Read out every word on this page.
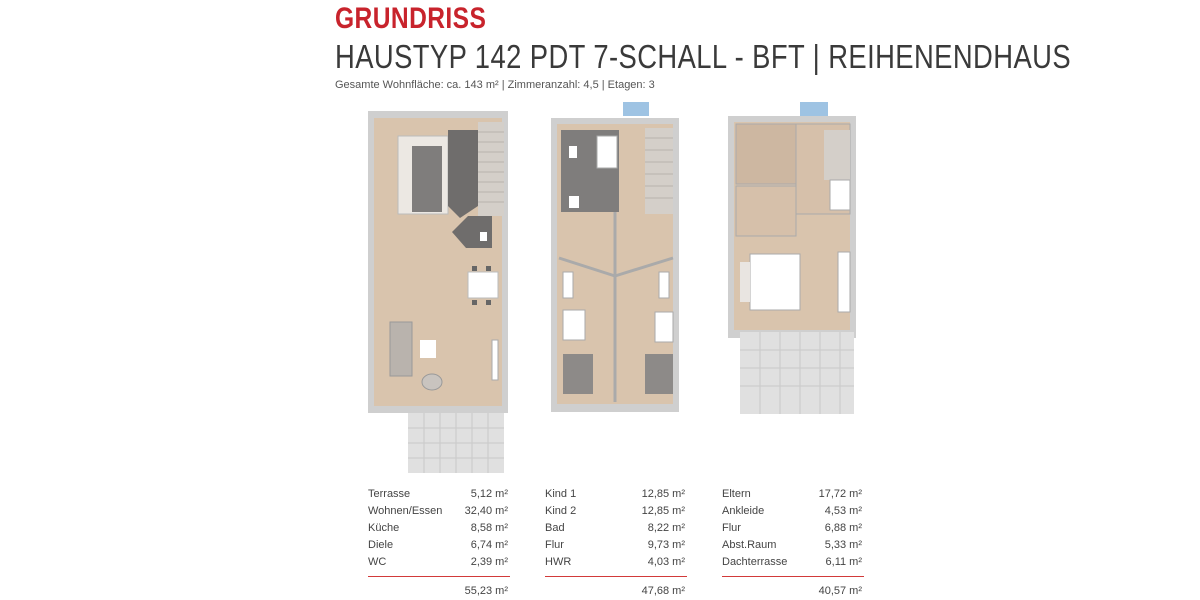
GRUNDRISS
HAUSTYP 142 PDT 7-SCHALL - BFT | REIHENENDHAUS
Gesamte Wohnfläche: ca. 143 m² | Zimmeranzahl: 4,5 | Etagen: 3
Terrasse	5,12 m²
Wohnen/Essen 32,40 m²
Küche	8,58 m²
Diele	6,74 m²
WC	2,39 m²
55,23 m²
Kind 1	12,85 m²
Kind 2	12,85 m²
Bad	8,22 m²
Flur	9,73 m²
HWR	4,03 m²
47,68 m²
Eltern	17,72 m²
Ankleide	4,53 m²
Flur	6,88 m²
Abst.Raum	5,33 m²
Dachterrasse	6,11 m²
40,57 m²
